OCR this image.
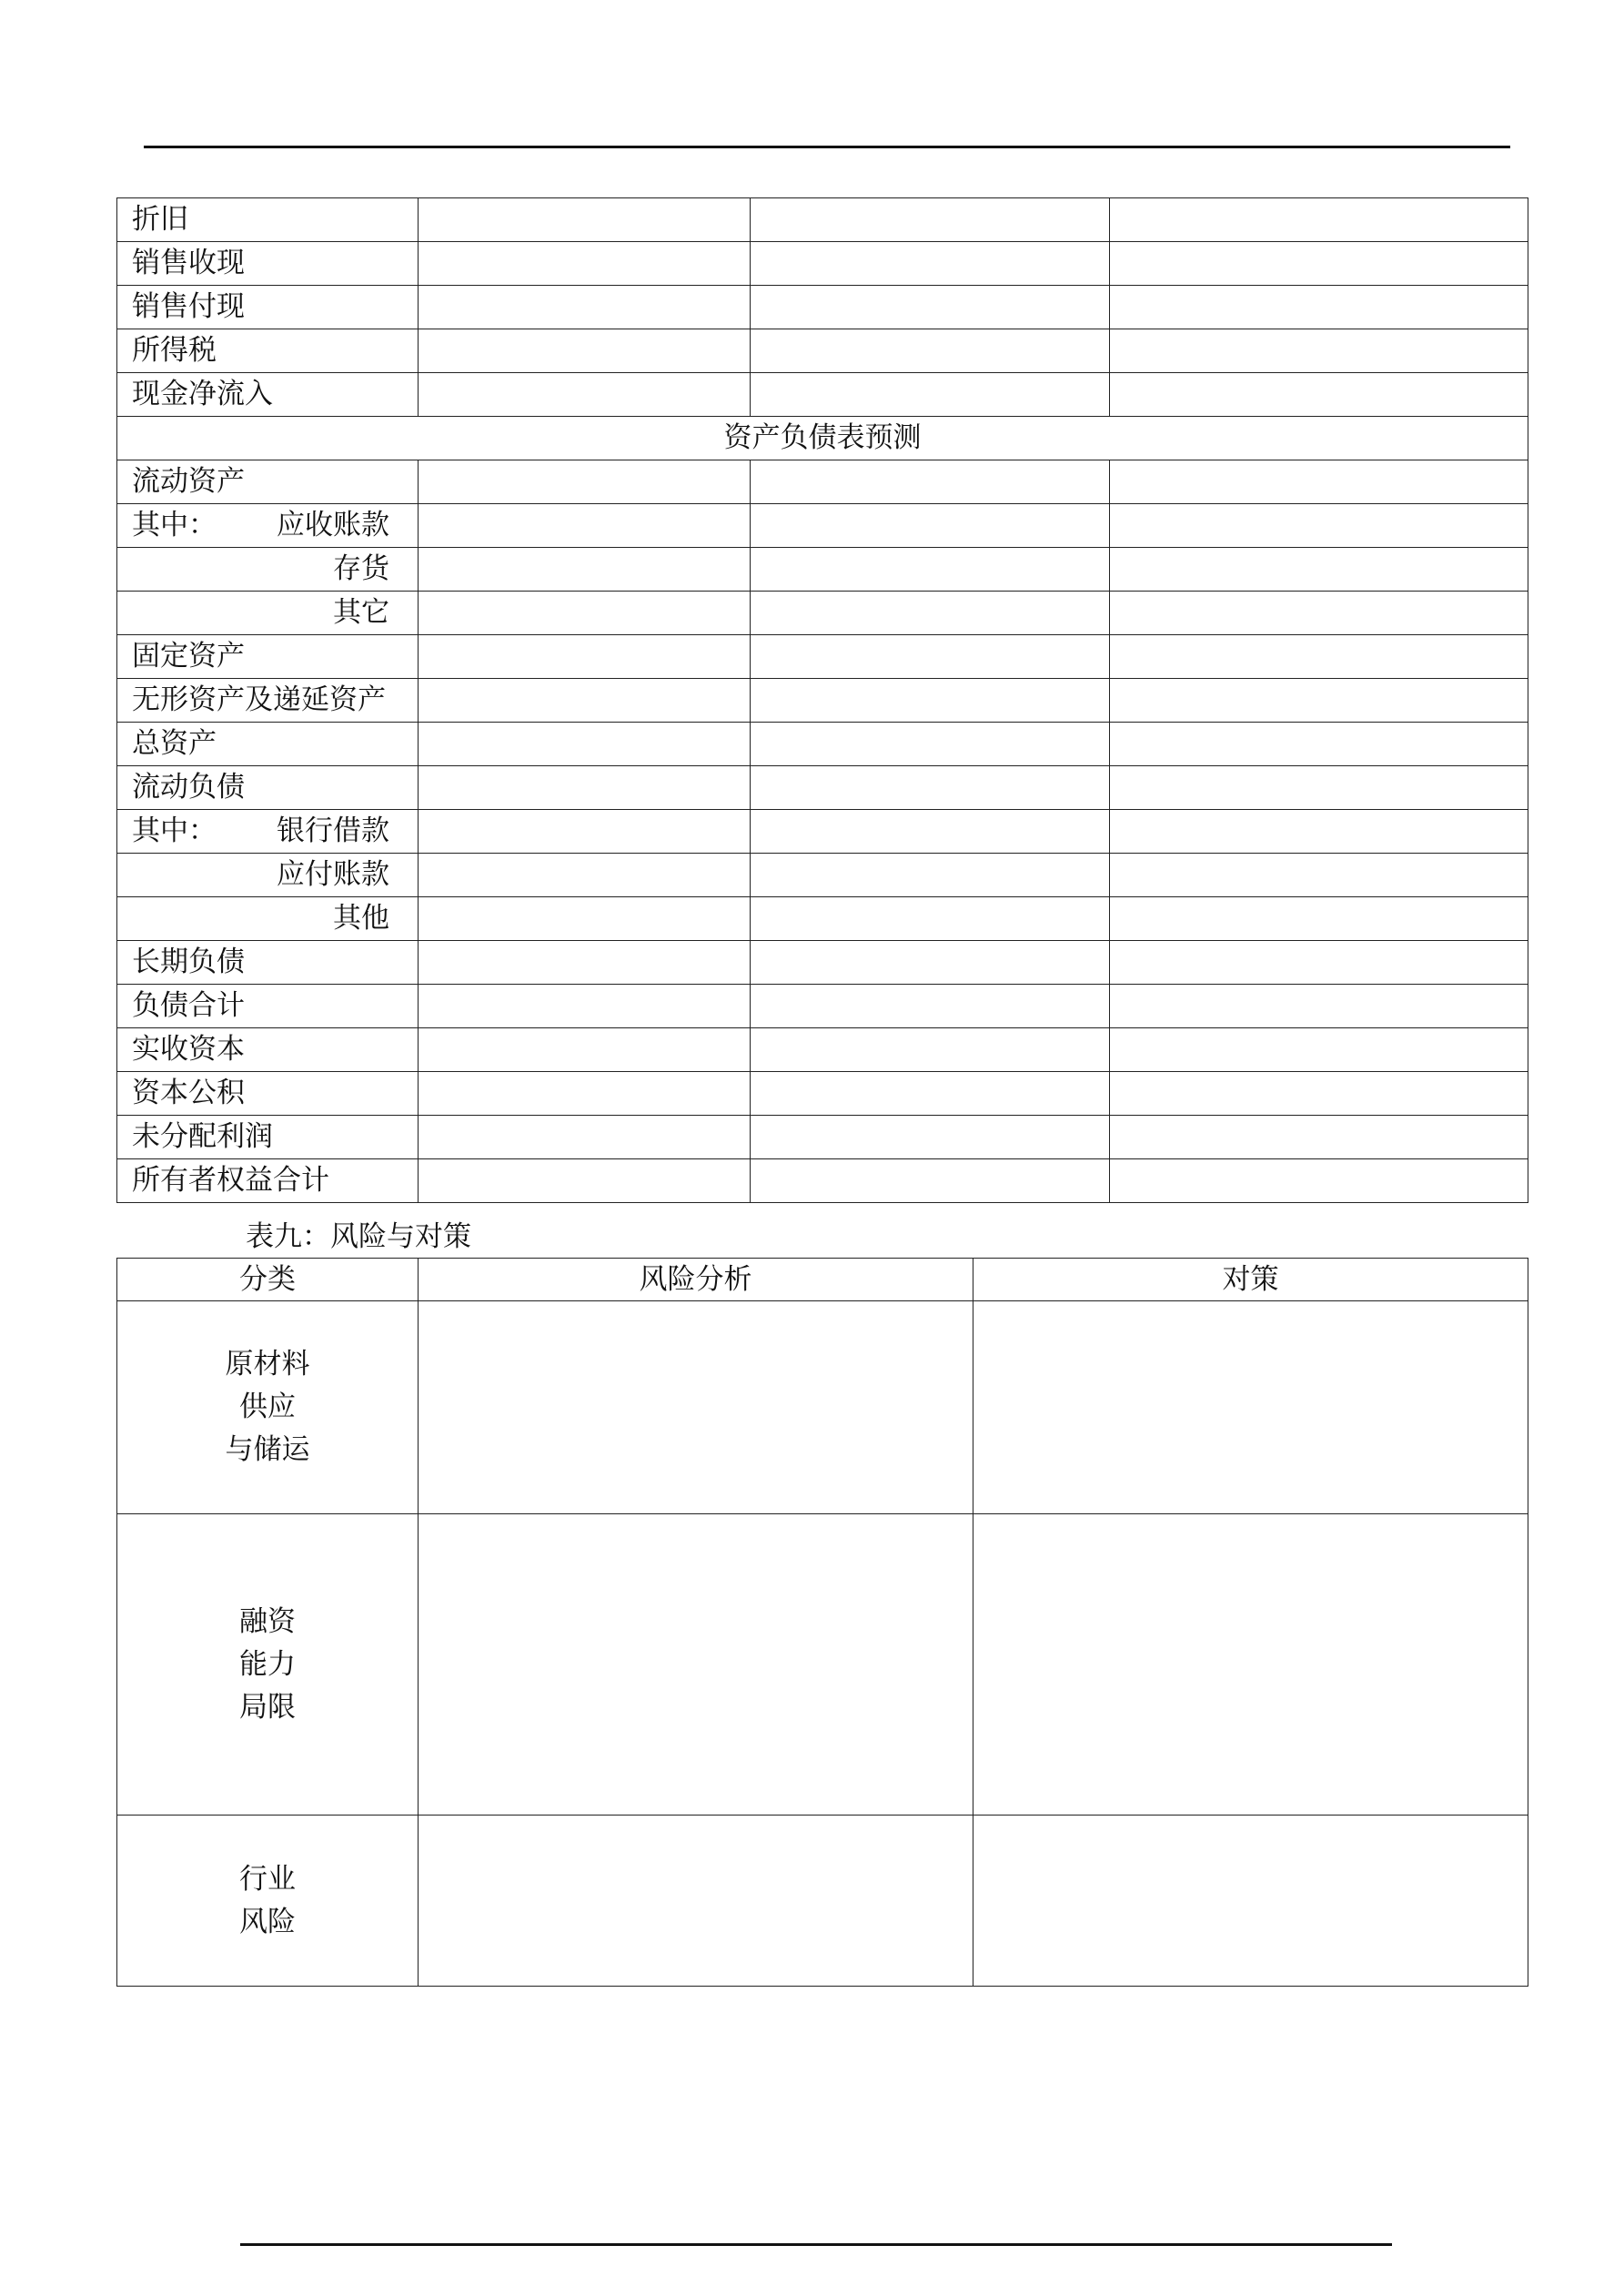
折旧			
销售收现			
销售付现			
所得税			
现金净流入			
资产负债表预测			
流动资产			

其中： 应收账款			

存货			

其它			

固定资产			
无形资产及递延资产			
总资产			
流动负债			

其中： 银行借款			

应付账款			

其他			

长期负债			
负债合计			
实收资本			
资本公积			
未分配利润			
所有者权益合计			
表九：风险与对策
分类	风险分析	对策

原材料
供应
与储运		

融资
能力
局限		

行业
风险		
